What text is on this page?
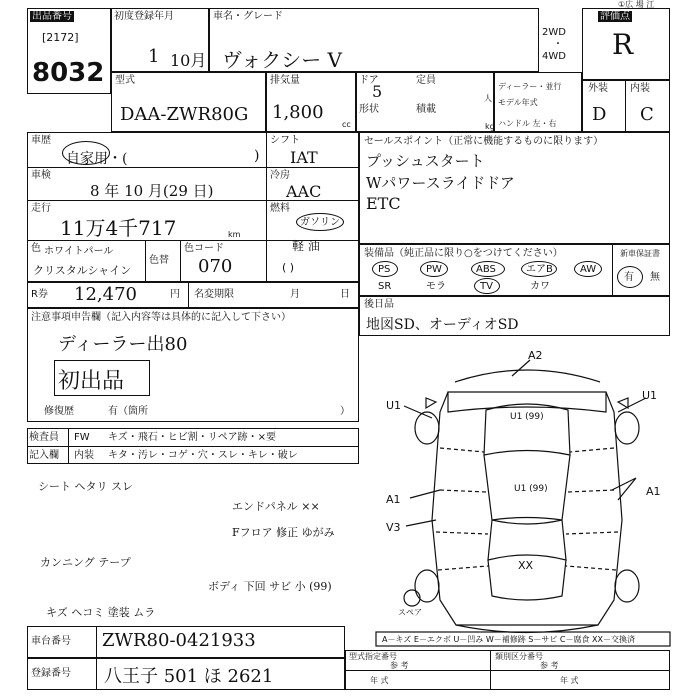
出品番号
[2172]
8032
初度登録年月
1 10月
車名・グレード
ヴォクシー V
2WD
・
4WD
①広 場 江
評価点
R
型式
DAA-ZWR80G
排気量
1,800
cc
ドア
5
定員
人
形状	積載
kg
ディーラー・並行
モデル年式
ハンドル 左・右
外装 内装
D C
車歴
自家用・(	)
シフト
IAT
車検
8 年 10 月(29 日)
冷房
AAC
走行
11万4千717	km
燃料
ガソリン
軽 油
( )
色 ホワイトパール
クリスタルシャイン
色替
色コード
070
R券 12,470	円 名変期限	月	日
セールスポイント（正常に機能するものに限ります）
プッシュスタート
Wパワースライドドア
ETC
装備品（純正品に限り○をつけてください）
PS	PW	ABS	エアB	AW
SR	モラ	TV	カワ
新車保証書
有 無
後日品
地図SD、オーディオSD
注意事項申告欄（記入内容等は具体的に記入して下さい）
ディーラー出80
初出品
修復歴	有（箇所	）
検査員
記入欄
FW キズ・飛石・ヒビ割・リペア跡・×要
内装 キタ・汚レ・コゲ・穴・スレ・キレ・破レ
シート ヘタリ スレ
エンドパネル ××
Fフロア 修正 ゆがみ
カンニング テープ
ボディ 下回 サビ 小 (99)
キズ ヘコミ 塗装 ムラ
A2
U1
U1
U1 (99)
U1 (99)
A1
A1
V3
XX
スペア
A－キズ E－エクボ U－凹み W－補修跡 S－サビ C－腐食 XX－交換済
車台番号 ZWR80-0421933
登録番号 八王子 501 ほ 2621
型式指定番号
参 考
類別区分番号
参 考
年 式	年 式
